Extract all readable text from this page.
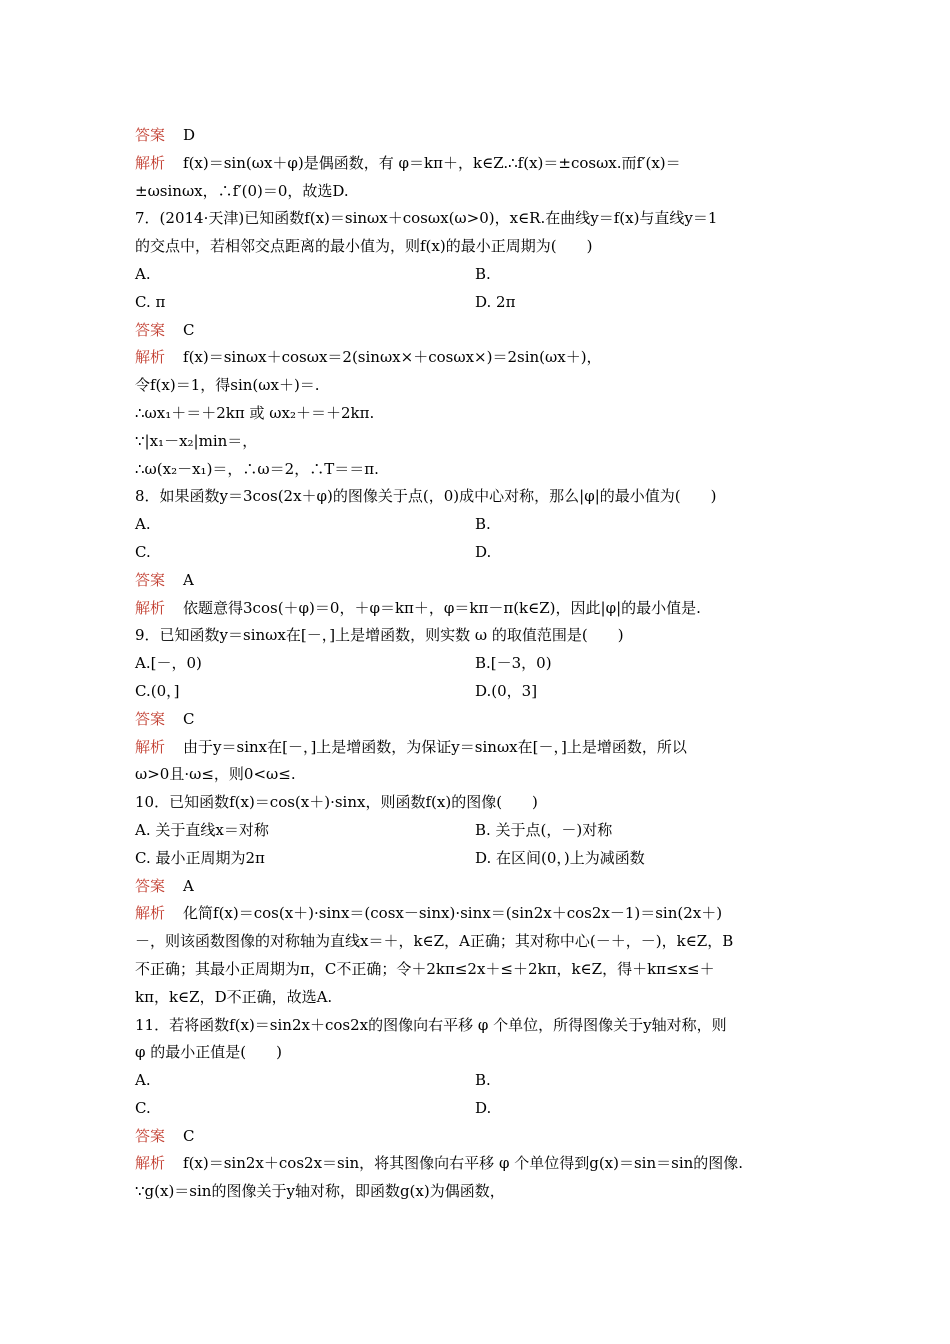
答案 D
解析 f(x)＝sin(ωx＋φ)是偶函数，有 φ＝kπ＋，k∈Z.∴f(x)＝±cosωx.而f′(x)＝
±ωsinωx，∴f′(0)＝0，故选D.
7．(2014·天津)已知函数f(x)＝sinωx＋cosωx(ω>0)，x∈R.在曲线y＝f(x)与直线y＝1
的交点中，若相邻交点距离的最小值为，则f(x)的最小正周期为(　　)
A.	B.
C. π	D. 2π
答案 C
解析 f(x)＝sinωx＋cosωx＝2(sinωx×＋cosωx×)＝2sin(ωx＋)，
令f(x)＝1，得sin(ωx＋)＝.
∴ωx₁＋＝＋2kπ 或 ωx₂＋＝＋2kπ.
∵|x₁－x₂|min＝，
∴ω(x₂－x₁)＝，∴ω＝2，∴T＝＝π.
8．如果函数y＝3cos(2x＋φ)的图像关于点(，0)成中心对称，那么|φ|的最小值为(　　)
A.	B.
C.	D.
答案 A
解析 依题意得3cos(＋φ)＝0，＋φ＝kπ＋，φ＝kπ－π(k∈Z)，因此|φ|的最小值是.
9．已知函数y＝sinωx在[－，]上是增函数，则实数 ω 的取值范围是(　　)
A.[－，0)	B.[－3，0)
C.(0，]	D.(0，3]
答案 C
解析 由于y＝sinx在[－，]上是增函数，为保证y＝sinωx在[－，]上是增函数，所以
ω>0且·ω≤，则0<ω≤.
10．已知函数f(x)＝cos(x＋)·sinx，则函数f(x)的图像(　　)
A. 关于直线x＝对称	B. 关于点(，－)对称
C. 最小正周期为2π	D. 在区间(0，)上为减函数
答案 A
解析 化简f(x)＝cos(x＋)·sinx＝(cosx－sinx)·sinx＝(sin2x＋cos2x－1)＝sin(2x＋)
－，则该函数图像的对称轴为直线x＝＋，k∈Z，A正确；其对称中心(－＋，－)，k∈Z，B
不正确；其最小正周期为π，C不正确；令＋2kπ≤2x＋≤＋2kπ，k∈Z，得＋kπ≤x≤＋
kπ，k∈Z，D不正确，故选A.
11．若将函数f(x)＝sin2x＋cos2x的图像向右平移 φ 个单位，所得图像关于y轴对称，则
φ 的最小正值是(　　)
A.	B.
C.	D.
答案 C
解析 f(x)＝sin2x＋cos2x＝sin，将其图像向右平移 φ 个单位得到g(x)＝sin＝sin的图像.
∵g(x)＝sin的图像关于y轴对称，即函数g(x)为偶函数，
